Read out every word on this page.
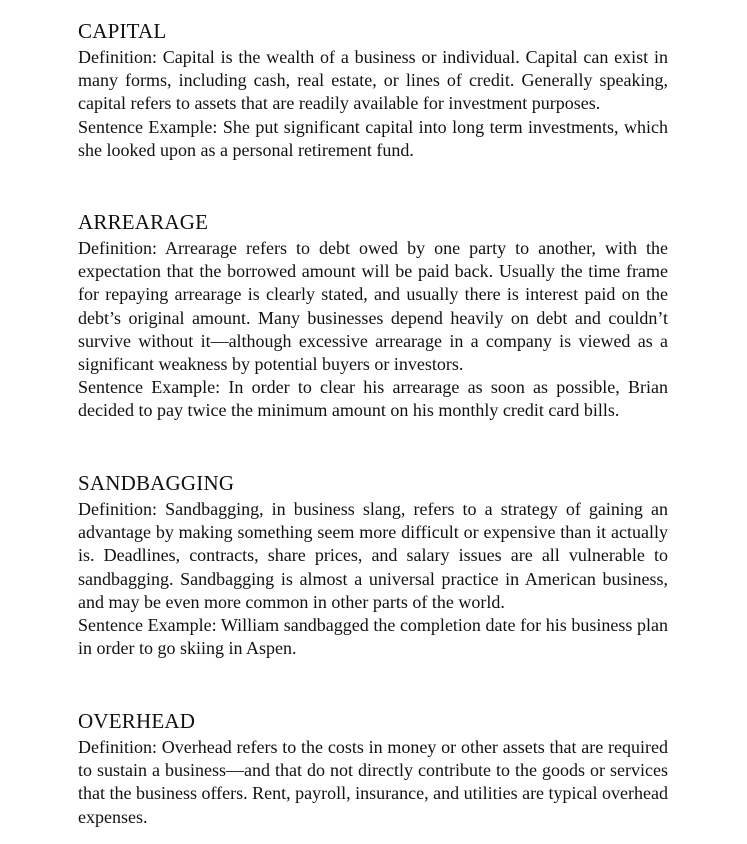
CAPITAL

Definition: Capital is the wealth of a business or individual. Capital can exist in many forms, including cash, real estate, or lines of credit. Generally speaking, capital refers to assets that are readily available for investment purposes.

Sentence Example: She put significant capital into long term investments, which she looked upon as a personal retirement fund.

ARREARAGE

Definition: Arrearage refers to debt owed by one party to another, with the expectation that the borrowed amount will be paid back. Usually the time frame for repaying arrearage is clearly stated, and usually there is interest paid on the debt’s original amount. Many businesses depend heavily on debt and couldn’t survive without it—although excessive arrearage in a company is viewed as a significant weakness by potential buyers or investors.

Sentence Example: In order to clear his arrearage as soon as possible, Brian decided to pay twice the minimum amount on his monthly credit card bills.

SANDBAGGING

Definition: Sandbagging, in business slang, refers to a strategy of gaining an advantage by making something seem more difficult or expensive than it actually is. Deadlines, contracts, share prices, and salary issues are all vulnerable to sandbagging. Sandbagging is almost a universal practice in American business, and may be even more common in other parts of the world.

Sentence Example: William sandbagged the completion date for his business plan in order to go skiing in Aspen.

OVERHEAD

Definition: Overhead refers to the costs in money or other assets that are required to sustain a business—and that do not directly contribute to the goods or services that the business offers. Rent, payroll, insurance, and utilities are typical overhead expenses.
